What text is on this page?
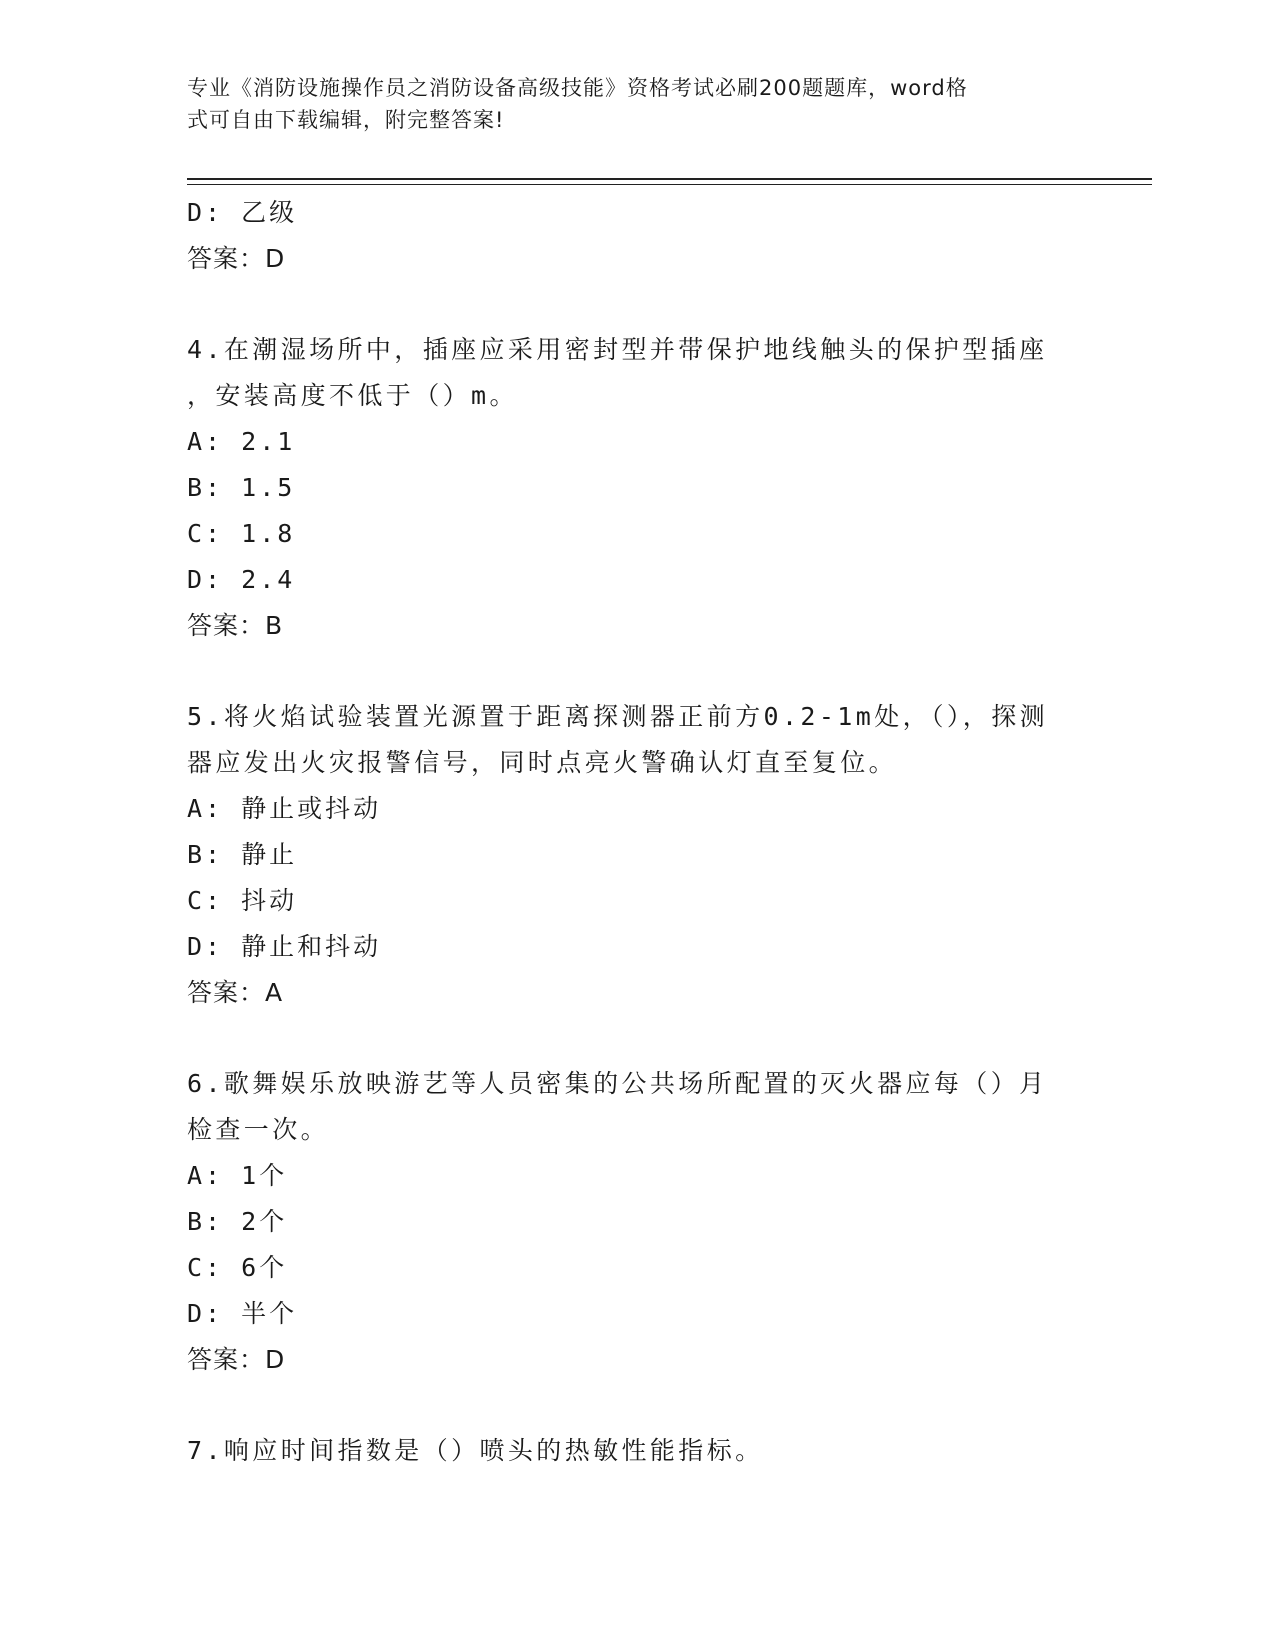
专业《消防设施操作员之消防设备高级技能》资格考试必刷200题题库，word格
式可自由下载编辑，附完整答案!
D: 乙级
答案：D
4.在潮湿场所中，插座应采用密封型并带保护地线触头的保护型插座
，安装高度不低于（）m。
A: 2.1
B: 1.5
C: 1.8
D: 2.4
答案：B
5.将火焰试验装置光源置于距离探测器正前方0.2-1m处，（），探测
器应发出火灾报警信号，同时点亮火警确认灯直至复位。
A: 静止或抖动
B: 静止
C: 抖动
D: 静止和抖动
答案：A
6.歌舞娱乐放映游艺等人员密集的公共场所配置的灭火器应每（）月
检查一次。
A: 1个
B: 2个
C: 6个
D: 半个
答案：D
7.响应时间指数是（）喷头的热敏性能指标。
